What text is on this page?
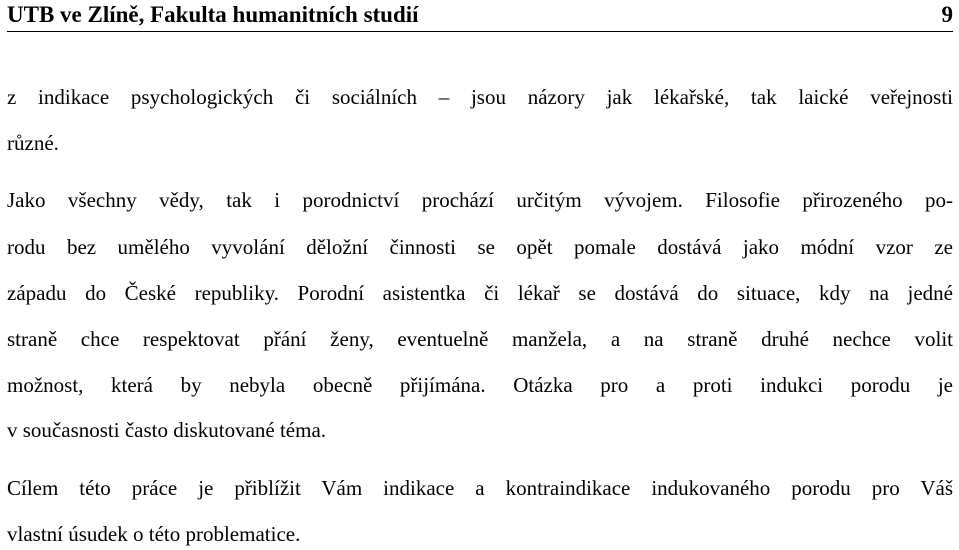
UTB ve Zlíně, Fakulta humanitních studií	9
z indikace psychologických či sociálních – jsou názory jak lékařské, tak laické veřejnosti
různé.
Jako všechny vědy, tak i porodnictví prochází určitým vývojem. Filosofie přirozeného po-
rodu bez umělého vyvolání děložní činnosti se opět pomale dostává jako módní vzor ze
západu do České republiky. Porodní asistentka či lékař se dostává do situace, kdy na jedné
straně chce respektovat přání ženy, eventuelně manžela, a na straně druhé nechce volit
možnost, která by nebyla obecně přijímána. Otázka pro a proti indukci porodu je
v současnosti často diskutované téma.
Cílem této práce je přiblížit Vám indikace a kontraindikace indukovaného porodu pro Váš
vlastní úsudek o této problematice.
